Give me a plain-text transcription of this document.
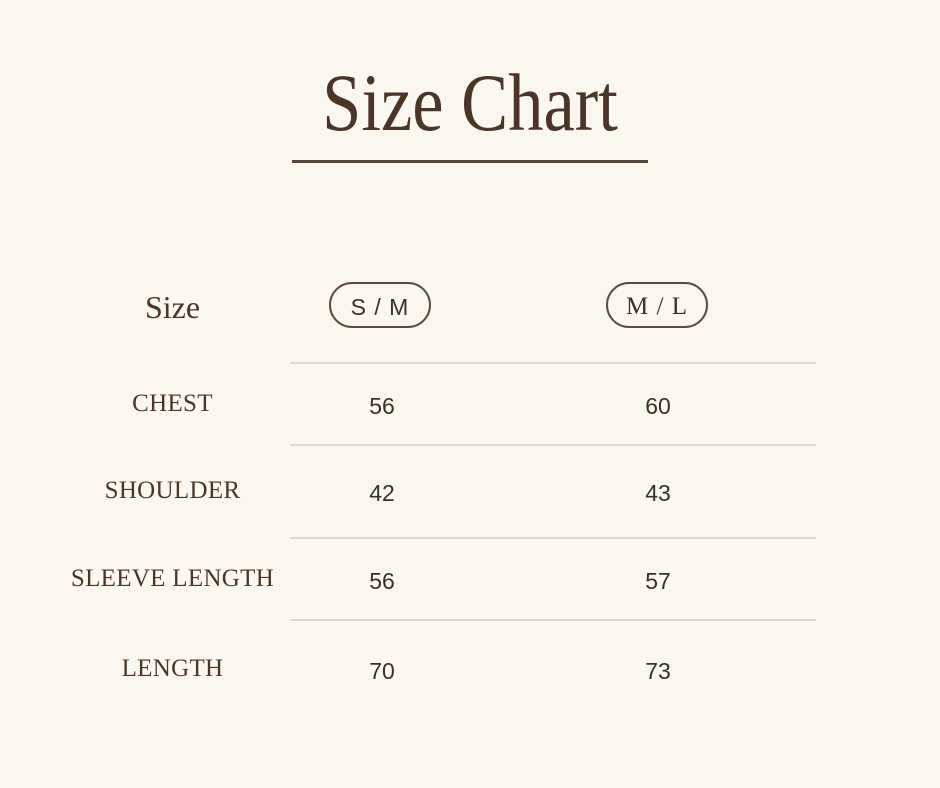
Size Chart
Size	S / M	M / L
CHEST	56	60
SHOULDER	42	43
SLEEVE LENGTH	56	57
LENGTH	70	73
